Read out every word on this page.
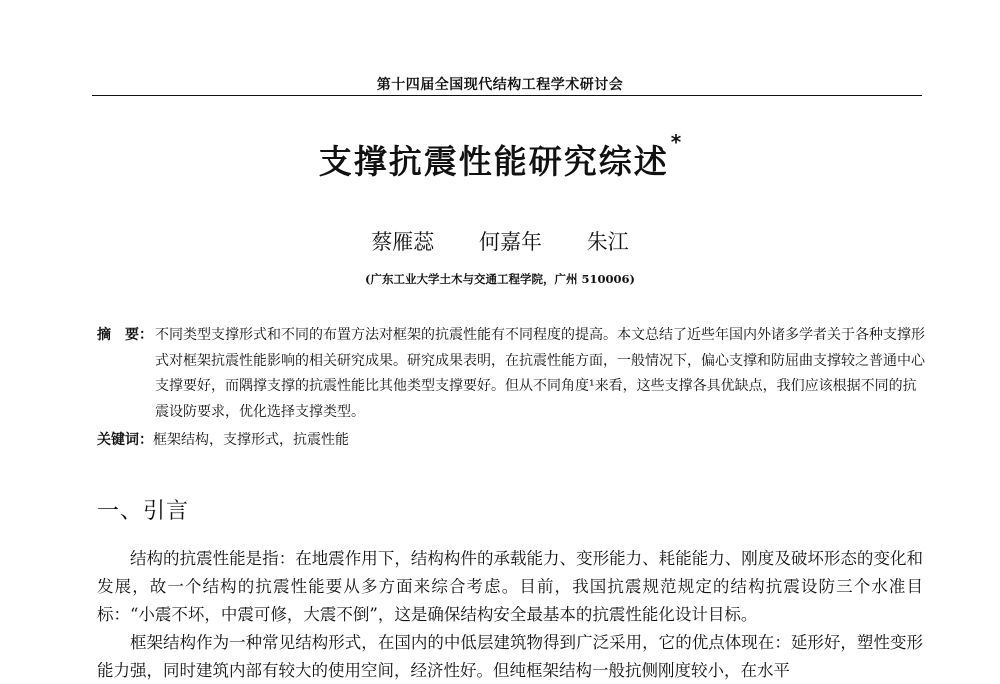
第十四届全国现代结构工程学术研讨会
支撑抗震性能研究综述 *
蔡雁蕊 何嘉年 朱江
(广东工业大学土木与交通工程学院，广州 510006)
摘　要： 不同类型支撑形式和不同的布置方法对框架的抗震性能有不同程度的提高。本文总结了近些年国内外诸多学者关于各种支撑形式对框架抗震性能影响的相关研究成果。研究成果表明，在抗震性能方面，一般情况下，偏心支撑和防屈曲支撑较之普通中心支撑要好，而隅撑支撑的抗震性能比其他类型支撑要好。但从不同角度¹来看，这些支撑各具优缺点，我们应该根据不同的抗震设防要求，优化选择支撑类型。
关键词：框架结构，支撑形式，抗震性能
一、引言

结构的抗震性能是指：在地震作用下，结构构件的承载能力、变形能力、耗能能力、刚度及破坏形态的变化和发展，故一个结构的抗震性能要从多方面来综合考虑。目前，我国抗震规范规定的结构抗震设防三个水准目标：“小震不坏，中震可修，大震不倒”，这是确保结构安全最基本的抗震性能化设计目标。

框架结构作为一种常见结构形式，在国内的中低层建筑物得到广泛采用，它的优点体现在：延形好，塑性变形能力强，同时建筑内部有较大的使用空间，经济性好。但纯框架结构一般抗侧刚度较小，在水平
